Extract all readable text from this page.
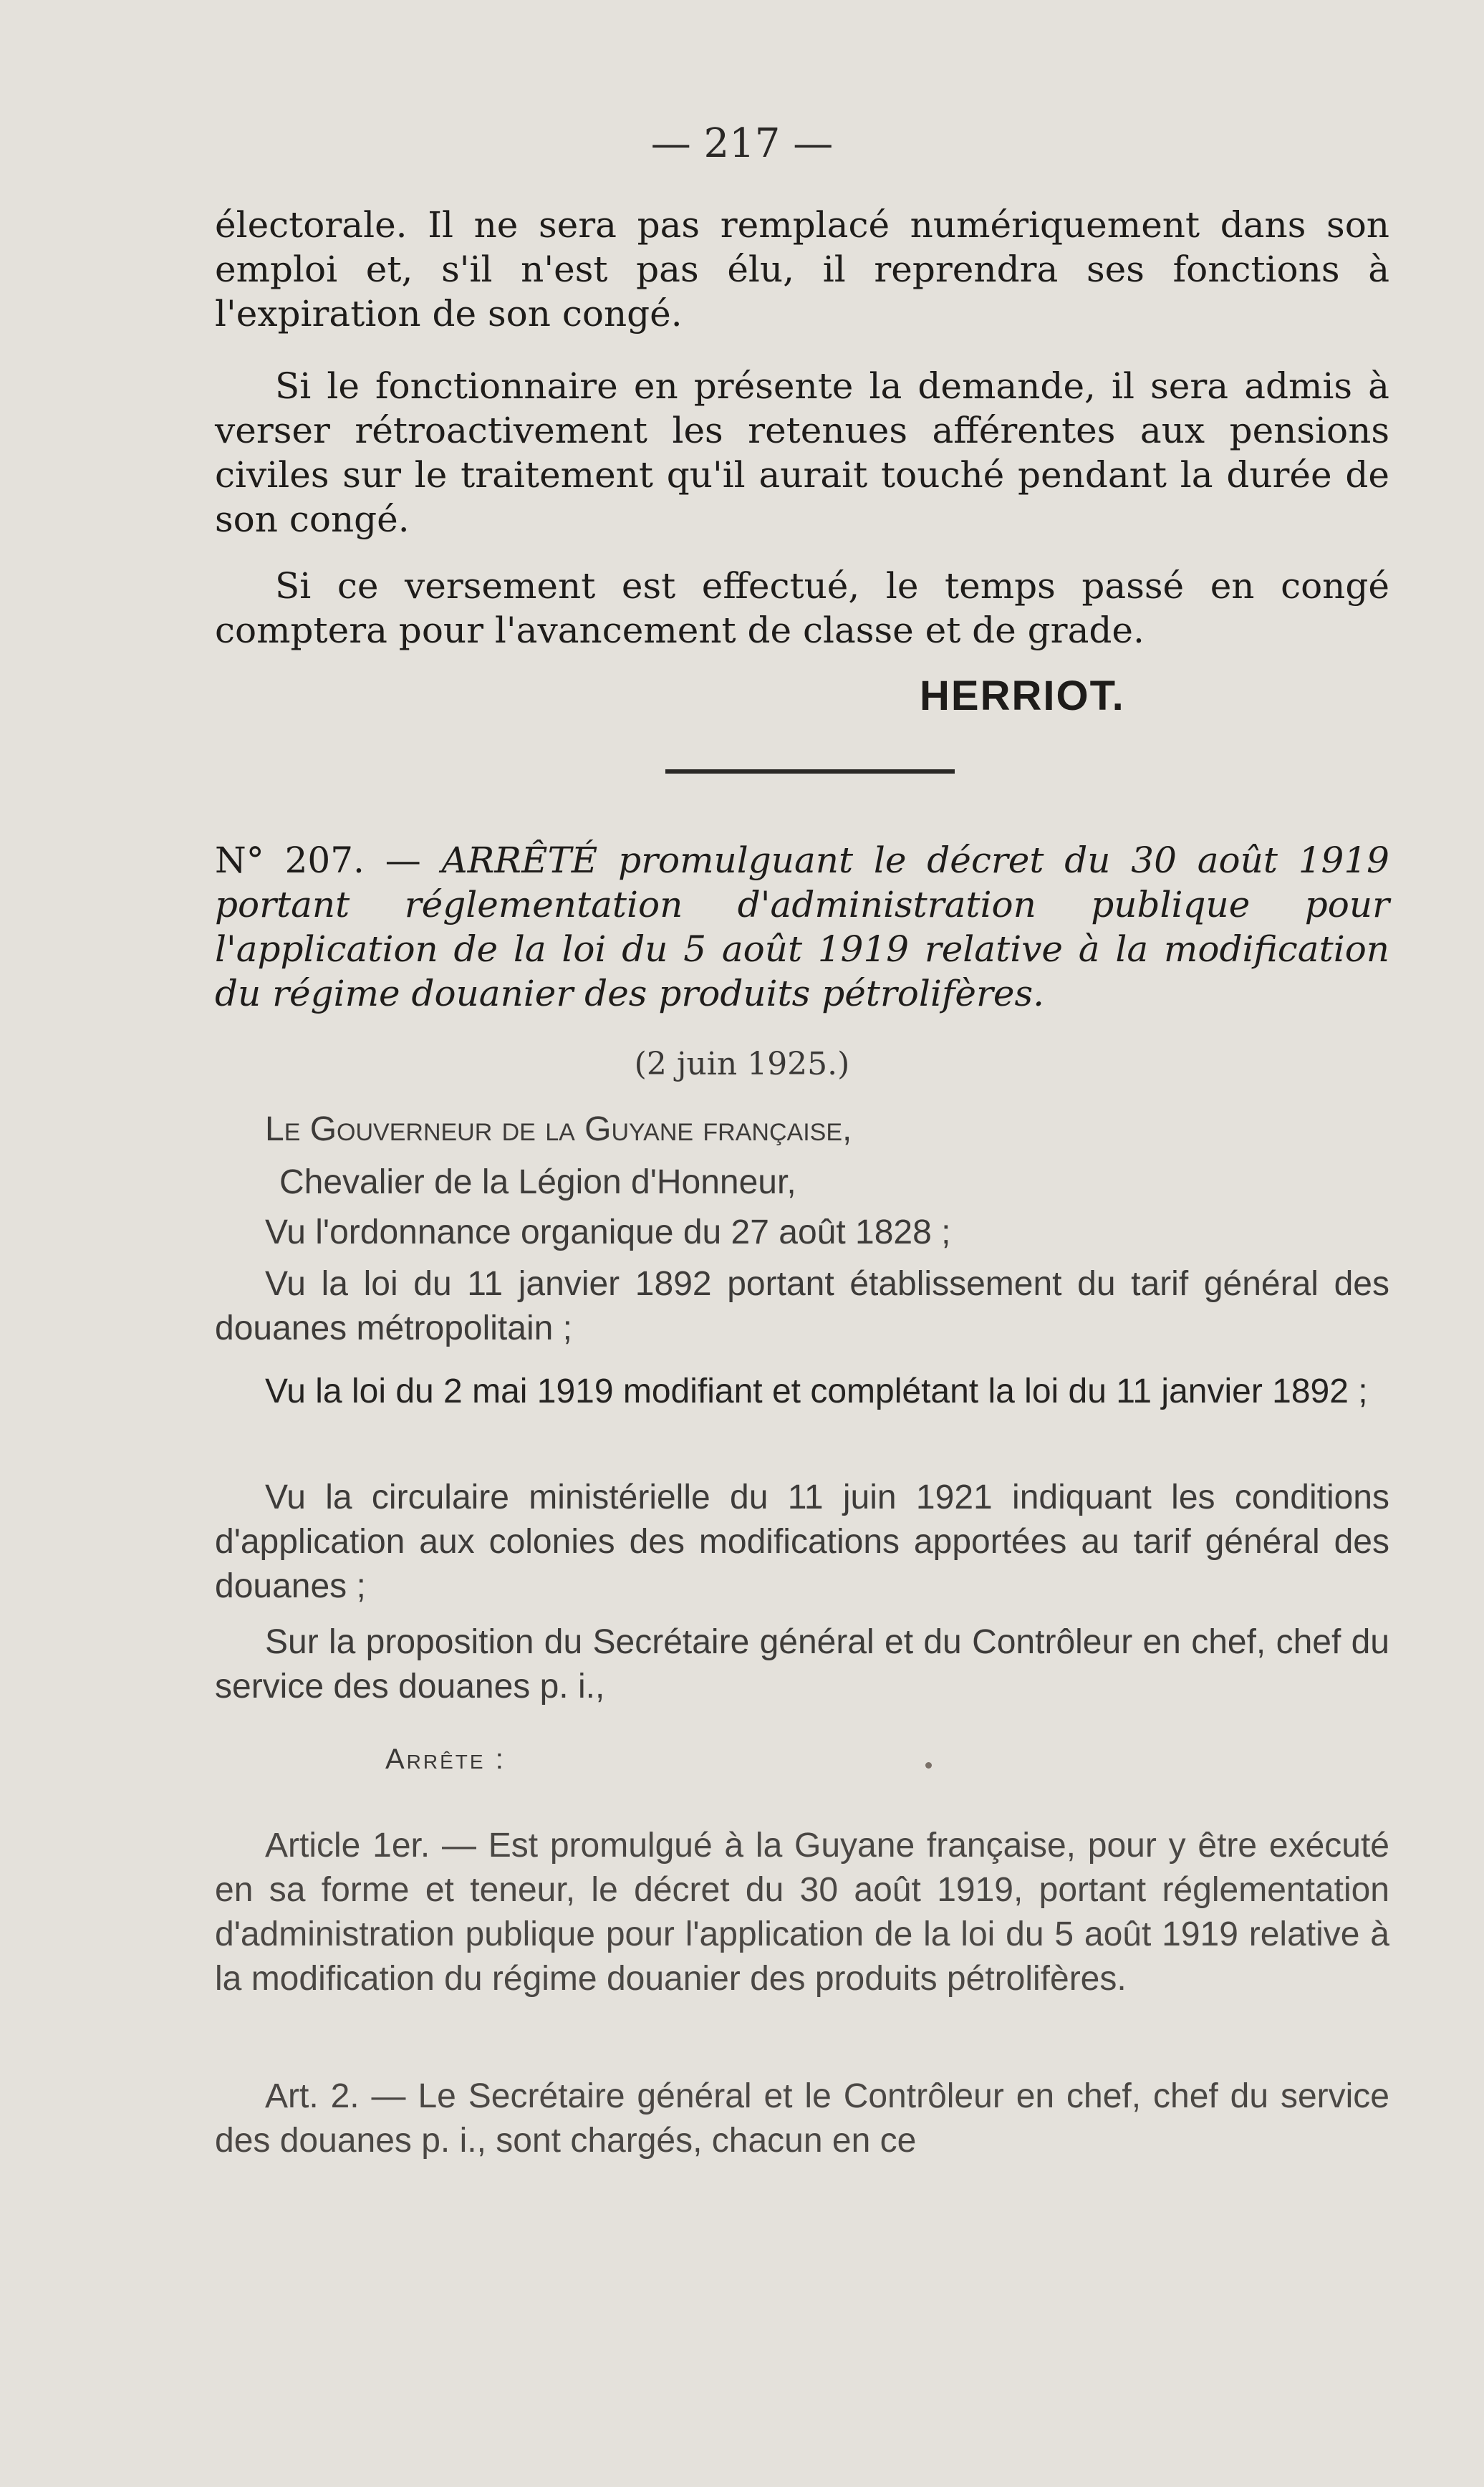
— 217 —
électorale. Il ne sera pas remplacé numériquement dans son emploi et, s'il n'est pas élu, il reprendra ses fonctions à l'expiration de son congé.
Si le fonctionnaire en présente la demande, il sera admis à verser rétroactivement les retenues afférentes aux pensions civiles sur le traitement qu'il aurait touché pendant la durée de son congé.
Si ce versement est effectué, le temps passé en congé comptera pour l'avancement de classe et de grade.
HERRIOT.
N° 207. — ARRÊTÉ promulguant le décret du 30 août 1919 portant réglementation d'administration publique pour l'application de la loi du 5 août 1919 relative à la modification du régime douanier des produits pétrolifères.
(2 juin 1925.)
Le Gouverneur de la Guyane française,
Chevalier de la Légion d'Honneur,
Vu l'ordonnance organique du 27 août 1828 ;
Vu la loi du 11 janvier 1892 portant établissement du tarif général des douanes métropolitain ;
Vu la loi du 2 mai 1919 modifiant et complétant la loi du 11 janvier 1892 ;
Vu la circulaire ministérielle du 11 juin 1921 indiquant les conditions d'application aux colonies des modifications apportées au tarif général des douanes ;
Sur la proposition du Secrétaire général et du Contrôleur en chef, chef du service des douanes p. i.,
Arrête :
Article 1er. — Est promulgué à la Guyane française, pour y être exécuté en sa forme et teneur, le décret du 30 août 1919, portant réglementation d'administration publique pour l'application de la loi du 5 août 1919 relative à la modification du régime douanier des produits pétrolifères.
Art. 2. — Le Secrétaire général et le Contrôleur en chef, chef du service des douanes p. i., sont chargés, chacun en ce
